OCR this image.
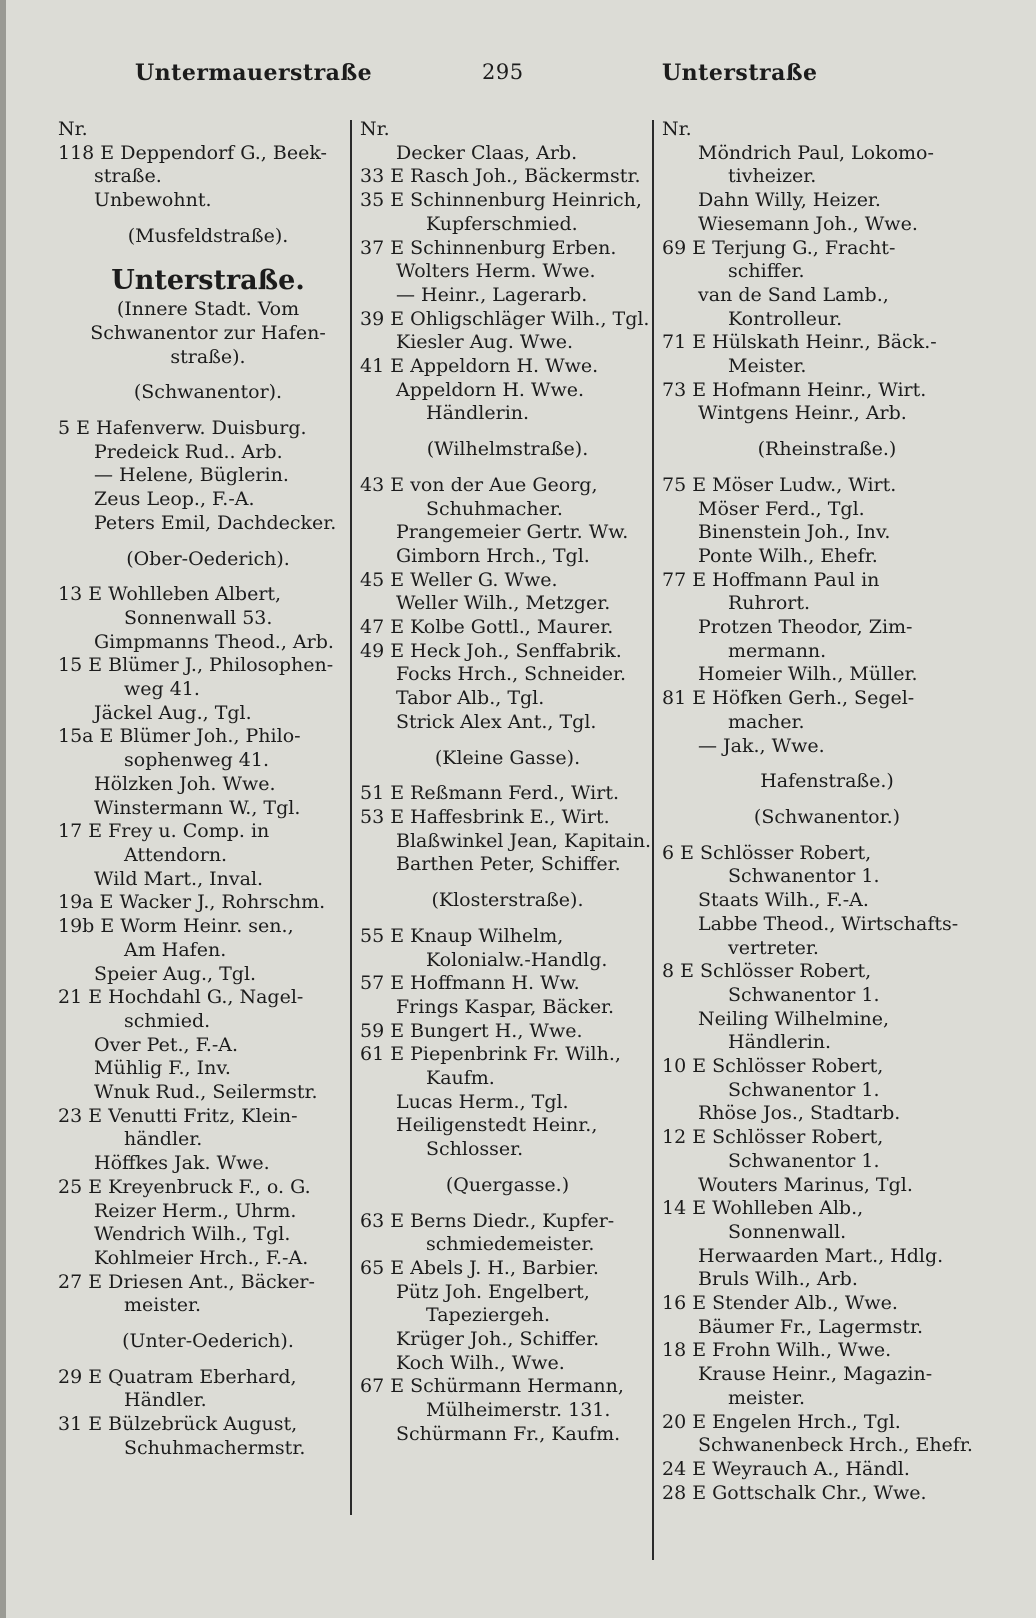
Untermauerstraße	295	Unterstraße
Nr.
118 E Deppendorf G., Beek-
straße.
Unbewohnt.
(Musfeldstraße).
Unterstraße.
(Innere Stadt. Vom
Schwanentor zur Hafen-
straße).
(Schwanentor).
5 E Hafenverw. Duisburg.
Predeick Rud.. Arb.
— Helene, Büglerin.
Zeus Leop., F.-A.
Peters Emil, Dachdecker.
(Ober-Oederich).
13 E Wohlleben Albert,
Sonnenwall 53.
Gimpmanns Theod., Arb.
15 E Blümer J., Philosophen-
weg 41.
Jäckel Aug., Tgl.
15a E Blümer Joh., Philo-
sophenweg 41.
Hölzken Joh. Wwe.
Winstermann W., Tgl.
17 E Frey u. Comp. in
Attendorn.
Wild Mart., Inval.
19a E Wacker J., Rohrschm.
19b E Worm Heinr. sen.,
Am Hafen.
Speier Aug., Tgl.
21 E Hochdahl G., Nagel-
schmied.
Over Pet., F.-A.
Mühlig F., Inv.
Wnuk Rud., Seilermstr.
23 E Venutti Fritz, Klein-
händler.
Höffkes Jak. Wwe.
25 E Kreyenbruck F., o. G.
Reizer Herm., Uhrm.
Wendrich Wilh., Tgl.
Kohlmeier Hrch., F.-A.
27 E Driesen Ant., Bäcker-
meister.
(Unter-Oederich).
29 E Quatram Eberhard,
Händler.
31 E Bülzebrück August,
Schuhmachermstr.
Nr.
Decker Claas, Arb.
33 E Rasch Joh., Bäckermstr.
35 E Schinnenburg Heinrich,
Kupferschmied.
37 E Schinnenburg Erben.
Wolters Herm. Wwe.
— Heinr., Lagerarb.
39 E Ohligschläger Wilh., Tgl.
Kiesler Aug. Wwe.
41 E Appeldorn H. Wwe.
Appeldorn H. Wwe.
Händlerin.
(Wilhelmstraße).
43 E von der Aue Georg,
Schuhmacher.
Prangemeier Gertr. Ww.
Gimborn Hrch., Tgl.
45 E Weller G. Wwe.
Weller Wilh., Metzger.
47 E Kolbe Gottl., Maurer.
49 E Heck Joh., Senffabrik.
Focks Hrch., Schneider.
Tabor Alb., Tgl.
Strick Alex Ant., Tgl.
(Kleine Gasse).
51 E Reßmann Ferd., Wirt.
53 E Haffesbrink E., Wirt.
Blaßwinkel Jean, Kapitain.
Barthen Peter, Schiffer.
(Klosterstraße).
55 E Knaup Wilhelm,
Kolonialw.-Handlg.
57 E Hoffmann H. Ww.
Frings Kaspar, Bäcker.
59 E Bungert H., Wwe.
61 E Piepenbrink Fr. Wilh.,
Kaufm.
Lucas Herm., Tgl.
Heiligenstedt Heinr.,
Schlosser.
(Quergasse.)
63 E Berns Diedr., Kupfer-
schmiedemeister.
65 E Abels J. H., Barbier.
Pütz Joh. Engelbert,
Tapeziergeh.
Krüger Joh., Schiffer.
Koch Wilh., Wwe.
67 E Schürmann Hermann,
Mülheimerstr. 131.
Schürmann Fr., Kaufm.
Nr.
Möndrich Paul, Lokomo-
tivheizer.
Dahn Willy, Heizer.
Wiesemann Joh., Wwe.
69 E Terjung G., Fracht-
schiffer.
van de Sand Lamb.,
Kontrolleur.
71 E Hülskath Heinr., Bäck.-
Meister.
73 E Hofmann Heinr., Wirt.
Wintgens Heinr., Arb.
(Rheinstraße.)
75 E Möser Ludw., Wirt.
Möser Ferd., Tgl.
Binenstein Joh., Inv.
Ponte Wilh., Ehefr.
77 E Hoffmann Paul in
Ruhrort.
Protzen Theodor, Zim-
mermann.
Homeier Wilh., Müller.
81 E Höfken Gerh., Segel-
macher.
— Jak., Wwe.
Hafenstraße.)
(Schwanentor.)
6 E Schlösser Robert,
Schwanentor 1.
Staats Wilh., F.-A.
Labbe Theod., Wirtschafts-
vertreter.
8 E Schlösser Robert,
Schwanentor 1.
Neiling Wilhelmine,
Händlerin.
10 E Schlösser Robert,
Schwanentor 1.
Rhöse Jos., Stadtarb.
12 E Schlösser Robert,
Schwanentor 1.
Wouters Marinus, Tgl.
14 E Wohlleben Alb.,
Sonnenwall.
Herwaarden Mart., Hdlg.
Bruls Wilh., Arb.
16 E Stender Alb., Wwe.
Bäumer Fr., Lagermstr.
18 E Frohn Wilh., Wwe.
Krause Heinr., Magazin-
meister.
20 E Engelen Hrch., Tgl.
Schwanenbeck Hrch., Ehefr.
24 E Weyrauch A., Händl.
28 E Gottschalk Chr., Wwe.
